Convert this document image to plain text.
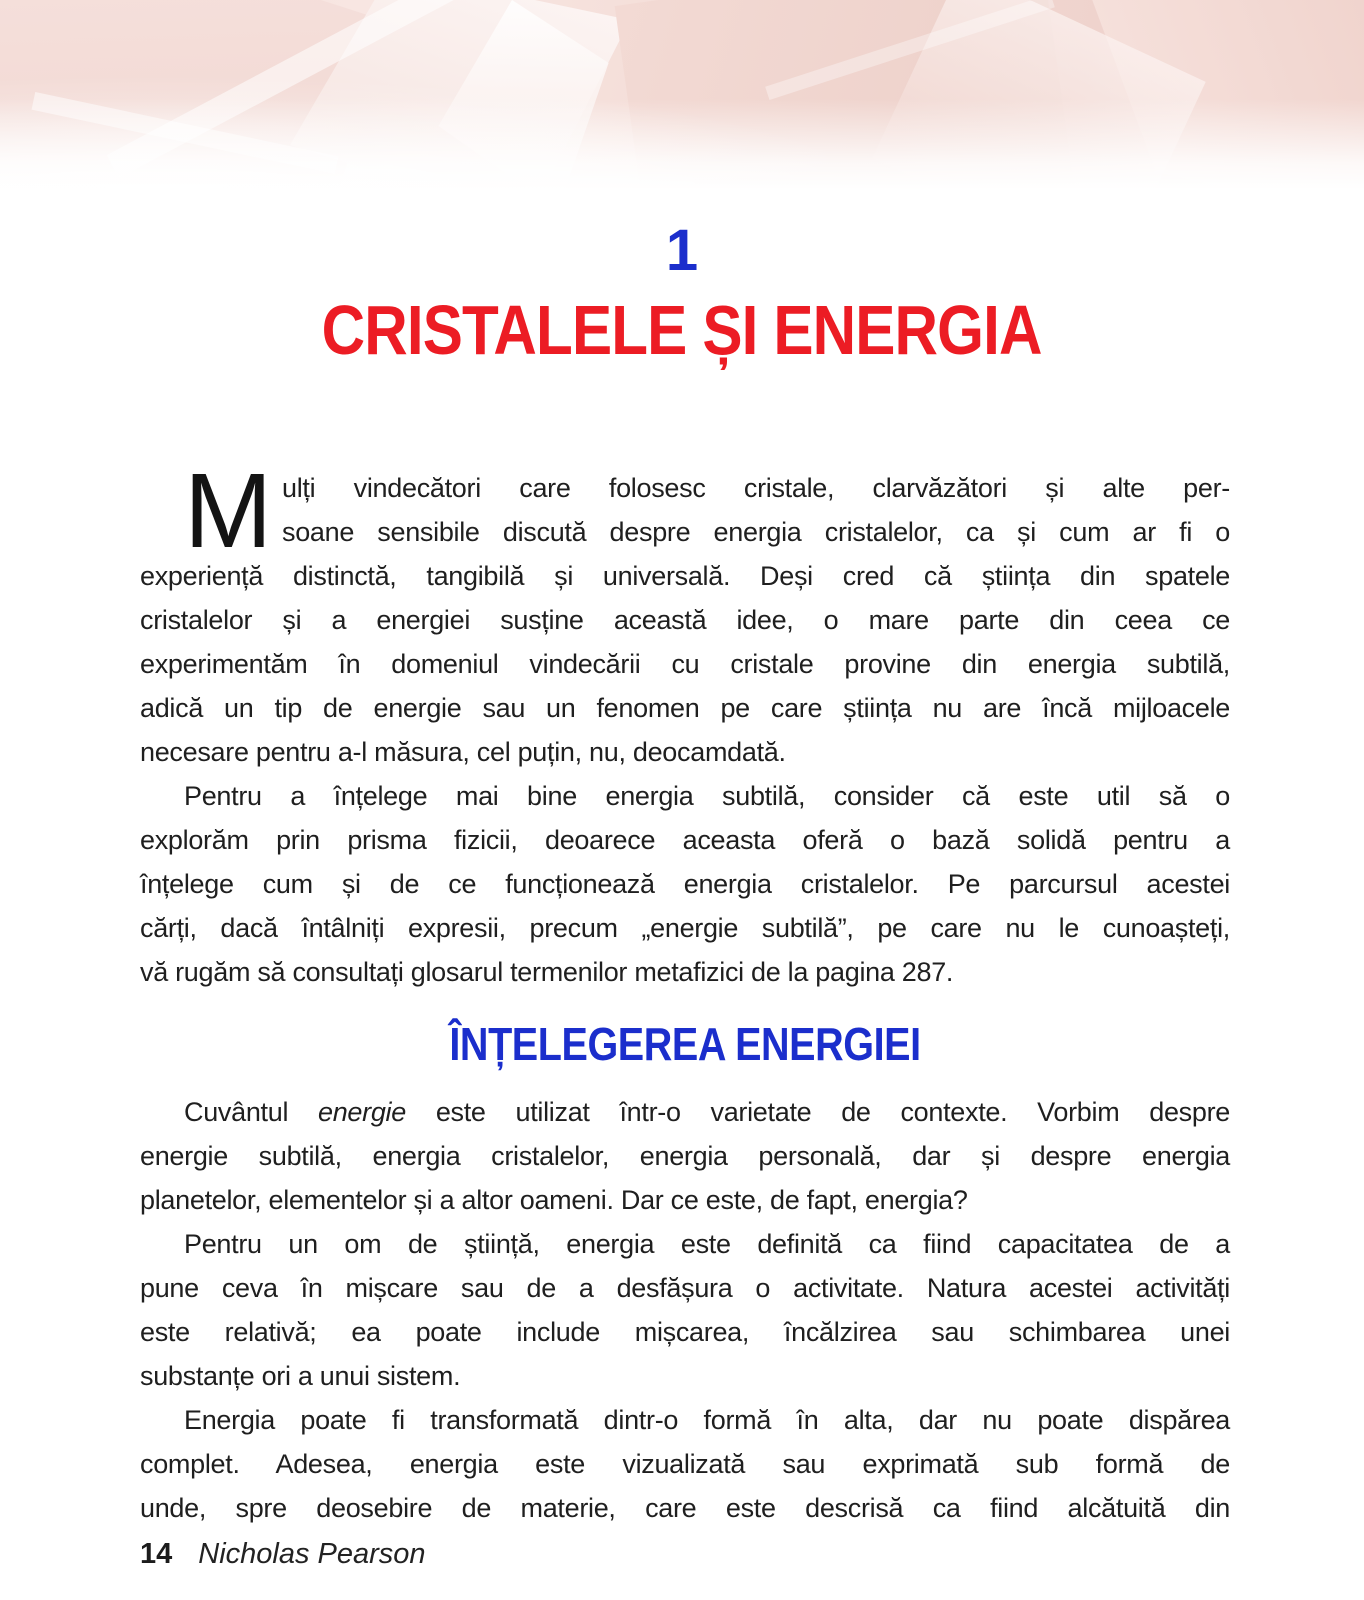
1
CRISTALELE ȘI ENERGIA
M ulți vindecători care folosesc cristale, clarvăzători și alte per-
soane sensibile discută despre energia cristalelor, ca și cum ar fi o
experiență distinctă, tangibilă și universală. Deși cred că știința din spatele
cristalelor și a energiei susține această idee, o mare parte din ceea ce
experimentăm în domeniul vindecării cu cristale provine din energia subtilă,
adică un tip de energie sau un fenomen pe care știința nu are încă mijloacele
necesare pentru a-l măsura, cel puțin, nu, deocamdată.
Pentru a înțelege mai bine energia subtilă, consider că este util să o
explorăm prin prisma fizicii, deoarece aceasta oferă o bază solidă pentru a
înțelege cum și de ce funcționează energia cristalelor. Pe parcursul acestei
cărți, dacă întâlniți expresii, precum „energie subtilă”, pe care nu le cunoașteți,
vă rugăm să consultați glosarul termenilor metafizici de la pagina 287.
ÎNȚELEGEREA ENERGIEI
Cuvântul energie este utilizat într-o varietate de contexte. Vorbim despre
energie subtilă, energia cristalelor, energia personală, dar și despre energia
planetelor, elementelor și a altor oameni. Dar ce este, de fapt, energia?
Pentru un om de știință, energia este definită ca fiind capacitatea de a
pune ceva în mișcare sau de a desfășura o activitate. Natura acestei activități
este relativă; ea poate include mișcarea, încălzirea sau schimbarea unei
substanțe ori a unui sistem.
Energia poate fi transformată dintr-o formă în alta, dar nu poate dispărea
complet. Adesea, energia este vizualizată sau exprimată sub formă de
unde, spre deosebire de materie, care este descrisă ca fiind alcătuită din
14 Nicholas Pearson
